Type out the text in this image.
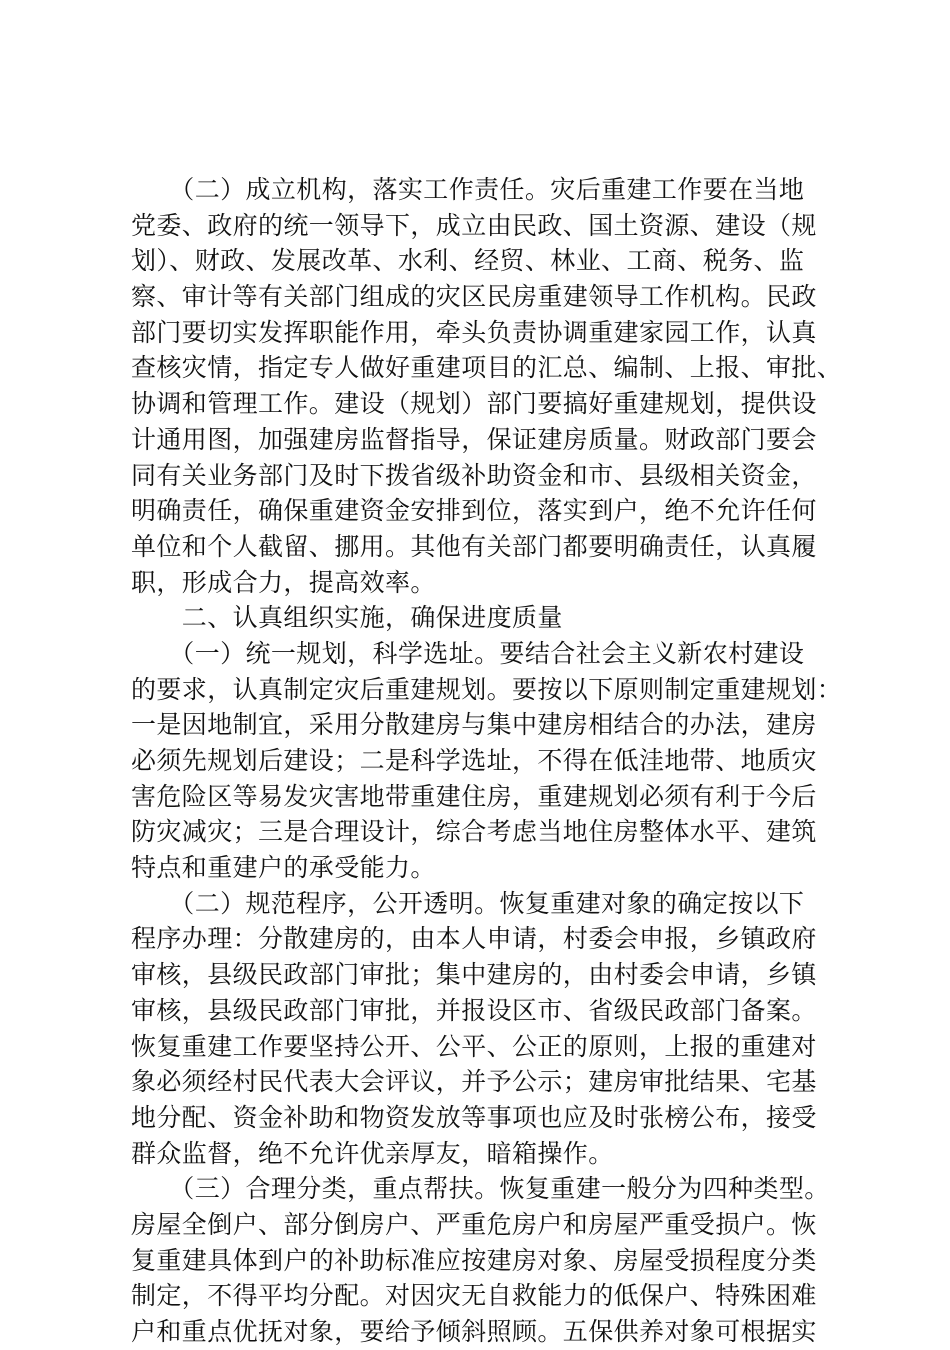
　　（二）成立机构，落实工作责任。灾后重建工作要在当地
党委、政府的统一领导下，成立由民政、国土资源、建设（规
划）、财政、发展改革、水利、经贸、林业、工商、税务、监
察、审计等有关部门组成的灾区民房重建领导工作机构。民政
部门要切实发挥职能作用，牵头负责协调重建家园工作，认真
查核灾情，指定专人做好重建项目的汇总、编制、上报、审批、
协调和管理工作。建设（规划）部门要搞好重建规划，提供设
计通用图，加强建房监督指导，保证建房质量。财政部门要会
同有关业务部门及时下拨省级补助资金和市、县级相关资金，
明确责任，确保重建资金安排到位，落实到户，绝不允许任何
单位和个人截留、挪用。其他有关部门都要明确责任，认真履
职，形成合力，提高效率。
　　二、认真组织实施，确保进度质量
　　（一）统一规划，科学选址。要结合社会主义新农村建设
的要求，认真制定灾后重建规划。要按以下原则制定重建规划：
一是因地制宜，采用分散建房与集中建房相结合的办法，建房
必须先规划后建设；二是科学选址，不得在低洼地带、地质灾
害危险区等易发灾害地带重建住房，重建规划必须有利于今后
防灾减灾；三是合理设计，综合考虑当地住房整体水平、建筑
特点和重建户的承受能力。
　　（二）规范程序，公开透明。恢复重建对象的确定按以下
程序办理：分散建房的，由本人申请，村委会申报，乡镇政府
审核，县级民政部门审批；集中建房的，由村委会申请，乡镇
审核，县级民政部门审批，并报设区市、省级民政部门备案。
恢复重建工作要坚持公开、公平、公正的原则，上报的重建对
象必须经村民代表大会评议，并予公示；建房审批结果、宅基
地分配、资金补助和物资发放等事项也应及时张榜公布，接受
群众监督，绝不允许优亲厚友，暗箱操作。
　　（三）合理分类，重点帮扶。恢复重建一般分为四种类型。
房屋全倒户、部分倒房户、严重危房户和房屋严重受损户。恢
复重建具体到户的补助标准应按建房对象、房屋受损程度分类
制定，不得平均分配。对因灾无自救能力的低保户、特殊困难
户和重点优抚对象，要给予倾斜照顾。五保供养对象可根据实
